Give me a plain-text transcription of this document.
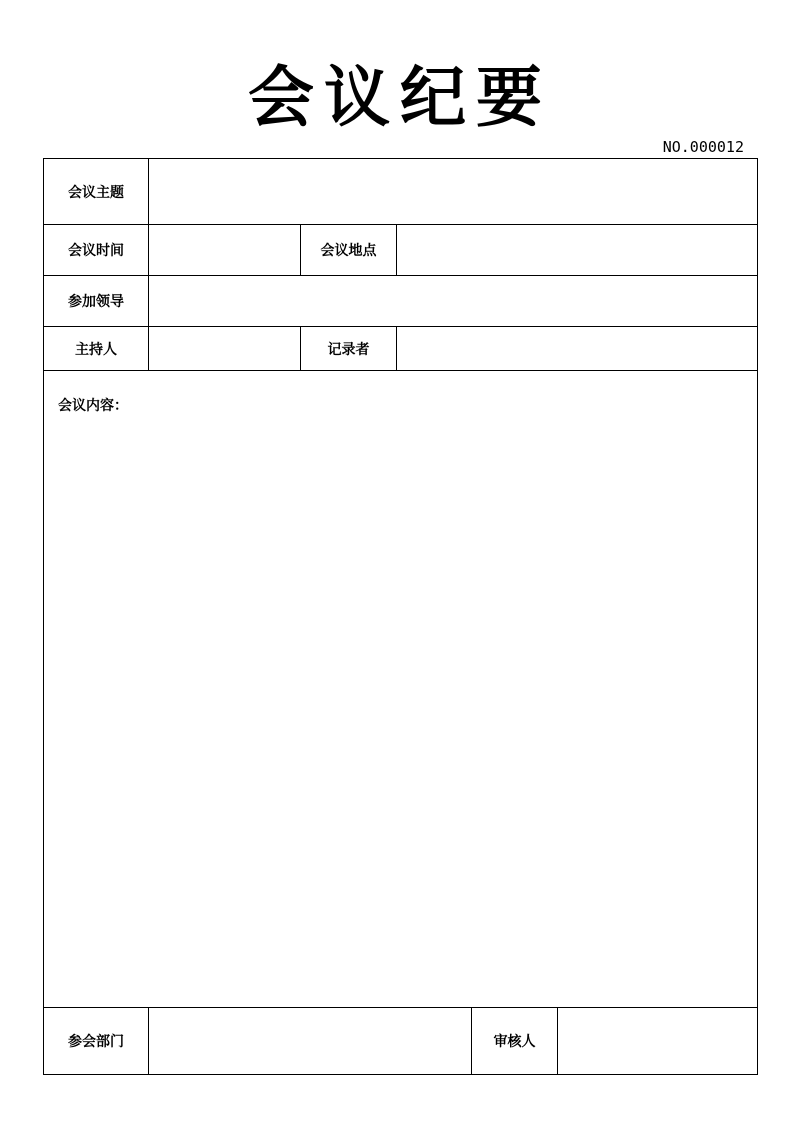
会议纪要
NO.000012
会议主题
会议时间	会议地点
参加领导
主持人	记录者
会议内容：
参会部门	审核人
